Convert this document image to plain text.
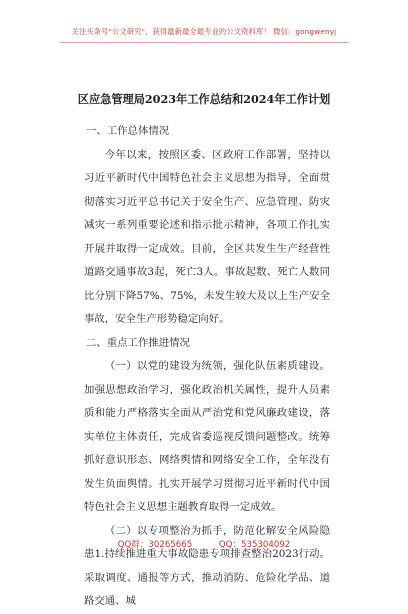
关注头条号"公文研究"，获得最新最全最专业的公文资料库！ 微信：gongwenyj
区应急管理局2023年工作总结和2024年工作计划

一、工作总体情况

今年以来，按照区委、区政府工作部署，坚持以习近平新时代中国特色社会主义思想为指导，全面贯彻落实习近平总书记关于安全生产、应急管理、防灾减灾一系列重要论述和指示批示精神，各项工作扎实开展并取得一定成效。目前，全区共发生生产经营性道路交通事故3起，死亡3人。事故起数、死亡人数同比分别下降57%、75%，未发生较大及以上生产安全事故，安全生产形势稳定向好。

二、重点工作推进情况

（一）以党的建设为统领，强化队伍素质建设。加强思想政治学习，强化政治机关属性，提升人员素质和能力严格落实全面从严治党和党风廉政建设，落实单位主体责任，完成省委巡视反馈问题整改。统筹抓好意识形态、网络舆情和网络安全工作，全年没有发生负面舆情。扎实开展学习贯彻习近平新时代中国特色社会主义思想主题教育取得一定成效。

（二）以专项整治为抓手，防范化解安全风险隐患1.持续推进重大事故隐患专项排查整治2023行动。采取调度、通报等方式，推动消防、危险化学品、道路交通、城

QQ群：30265665	QQ：535304092
